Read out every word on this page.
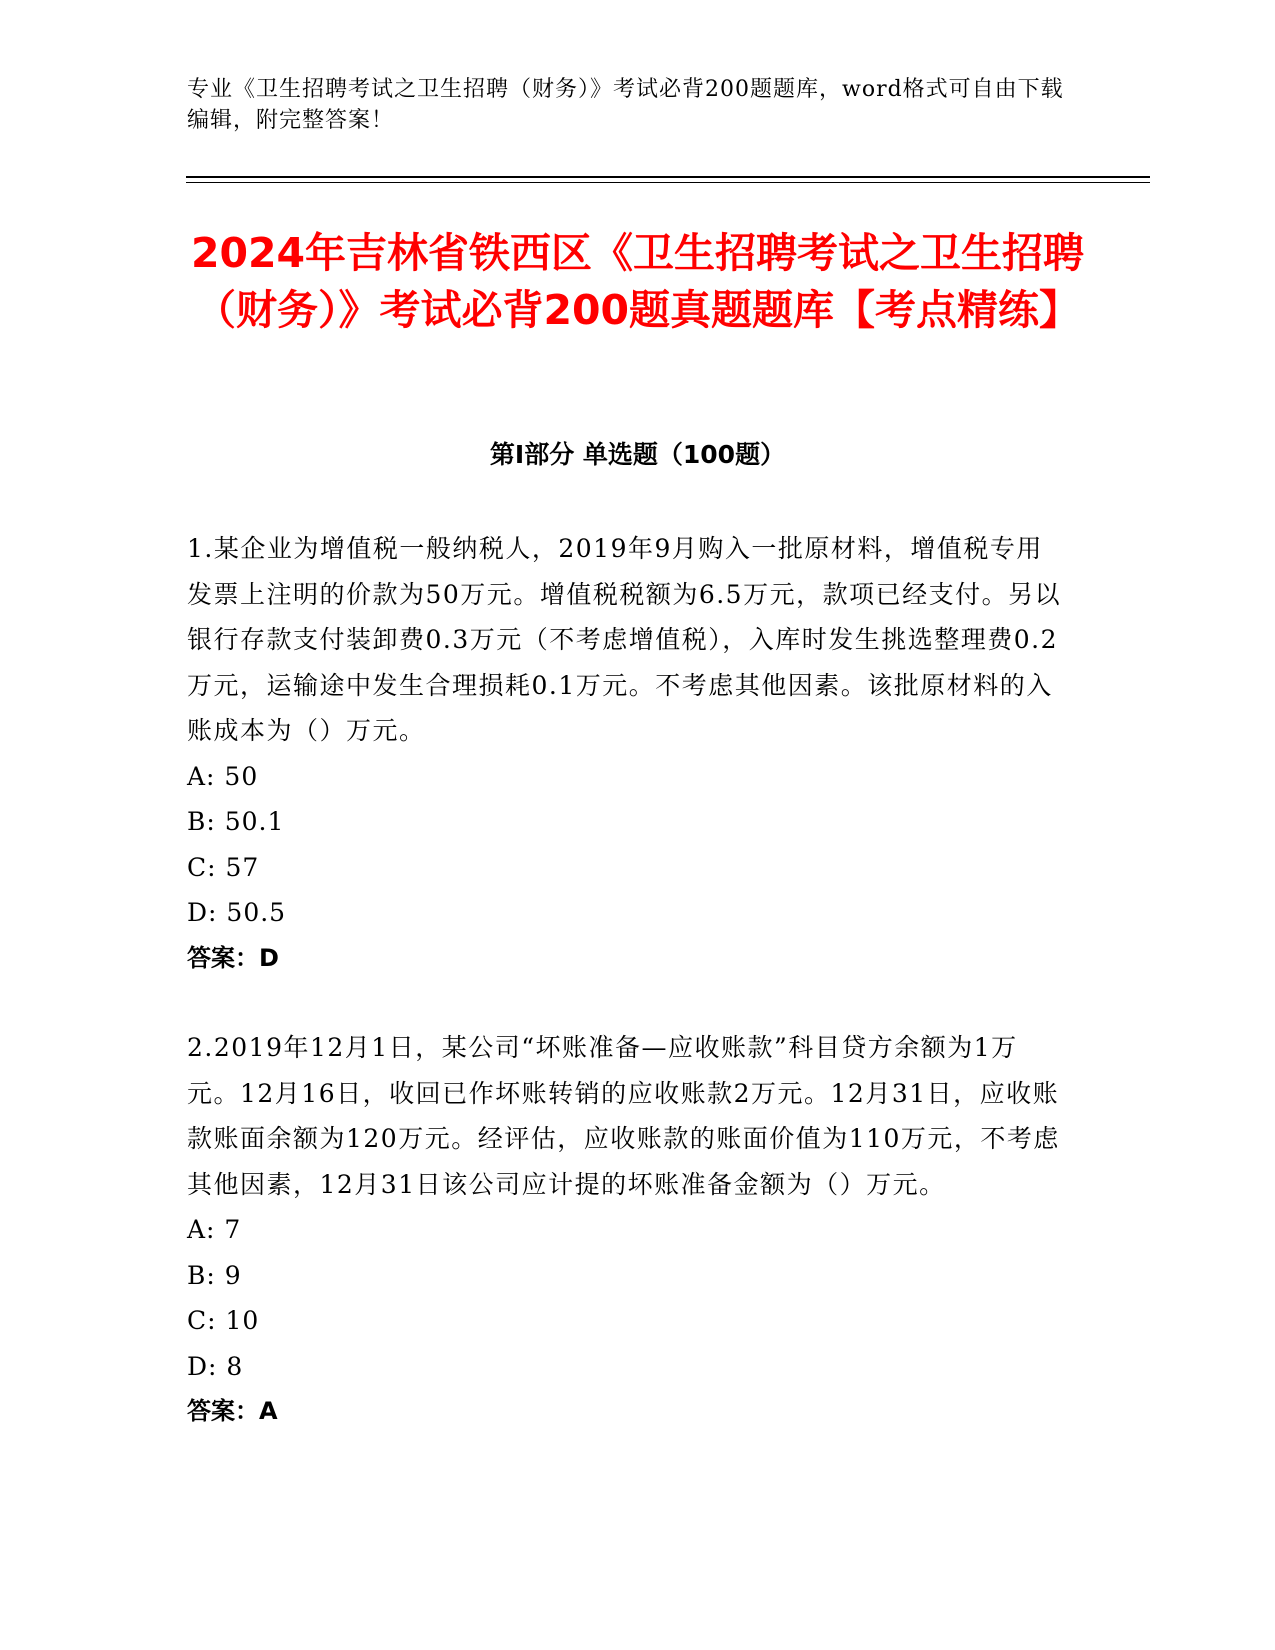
专业《卫生招聘考试之卫生招聘（财务）》考试必背200题题库，word格式可自由下载编辑，附完整答案！
2024年吉林省铁西区《卫生招聘考试之卫生招聘（财务）》考试必背200题真题题库【考点精练】
第Ⅰ部分 单选题（100题）
1.某企业为增值税一般纳税人，2019年9月购入一批原材料，增值税专用发票上注明的价款为50万元。增值税税额为6.5万元，款项已经支付。另以银行存款支付装卸费0.3万元（不考虑增值税），入库时发生挑选整理费0.2万元，运输途中发生合理损耗0.1万元。不考虑其他因素。该批原材料的入账成本为（）万元。
A: 50
B: 50.1
C: 57
D: 50.5
答案：D
2.2019年12月1日，某公司“坏账准备—应收账款”科目贷方余额为1万元。12月16日，收回已作坏账转销的应收账款2万元。12月31日，应收账款账面余额为120万元。经评估，应收账款的账面价值为110万元，不考虑其他因素，12月31日该公司应计提的坏账准备金额为（）万元。
A: 7
B: 9
C: 10
D: 8
答案：A
